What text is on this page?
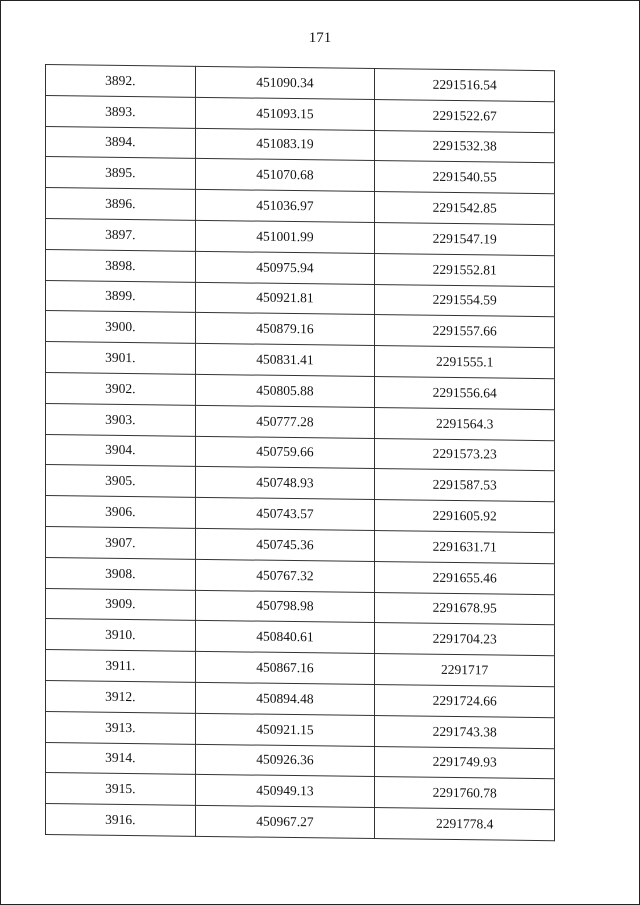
171
3892.	451090.34	2291516.54
3893.	451093.15	2291522.67
3894.	451083.19	2291532.38
3895.	451070.68	2291540.55
3896.	451036.97	2291542.85
3897.	451001.99	2291547.19
3898.	450975.94	2291552.81
3899.	450921.81	2291554.59
3900.	450879.16	2291557.66
3901.	450831.41	2291555.1
3902.	450805.88	2291556.64
3903.	450777.28	2291564.3
3904.	450759.66	2291573.23
3905.	450748.93	2291587.53
3906.	450743.57	2291605.92
3907.	450745.36	2291631.71
3908.	450767.32	2291655.46
3909.	450798.98	2291678.95
3910.	450840.61	2291704.23
3911.	450867.16	2291717
3912.	450894.48	2291724.66
3913.	450921.15	2291743.38
3914.	450926.36	2291749.93
3915.	450949.13	2291760.78
3916.	450967.27	2291778.4
